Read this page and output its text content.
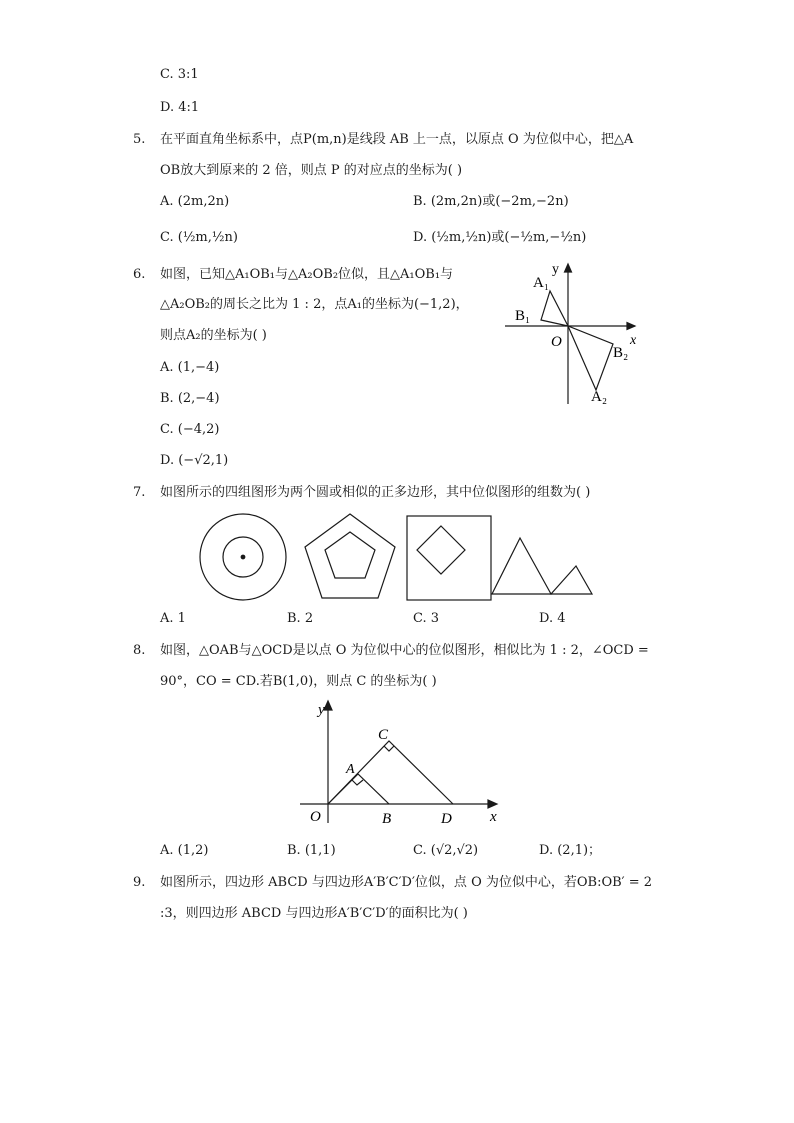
C. 3:1
D. 4:1
5. 在平面直角坐标系中，点P(m,n)是线段 AB 上一点，以原点 O 为位似中心，把△A
OB放大到原来的 2 倍，则点 P 的对应点的坐标为( )
A. (2m,2n)	B. (2m,2n)或(−2m,−2n)
C. (½m,½n)	D. (½m,½n)或(−½m,−½n)
6. 如图，已知△A₁OB₁与△A₂OB₂位似，且△A₁OB₁与
△A₂OB₂的周长之比为 1 : 2，点A₁的坐标为(−1,2)，
则点A₂的坐标为( )
A. (1,−4)
B. (2,−4)
C. (−4,2)
D. (−√2,1)
y
x
O
A₁
B₁
B₂
A₂
7. 如图所示的四组图形为两个圆或相似的正多边形，其中位似图形的组数为( )
A. 1	B. 2	C. 3	D. 4
8. 如图，△OAB与△OCD是以点 O 为位似中心的位似图形，相似比为 1 : 2，∠OCD =
90°，CO = CD.若B(1,0)，则点 C 的坐标为( )
y
x
O
A
B
C
D
A. (1,2)	B. (1,1)	C. (√2,√2)	D. (2,1)；
9. 如图所示，四边形 ABCD 与四边形A′B′C′D′位似，点 O 为位似中心，若OB:OB′ = 2
:3，则四边形 ABCD 与四边形A′B′C′D′的面积比为( )
